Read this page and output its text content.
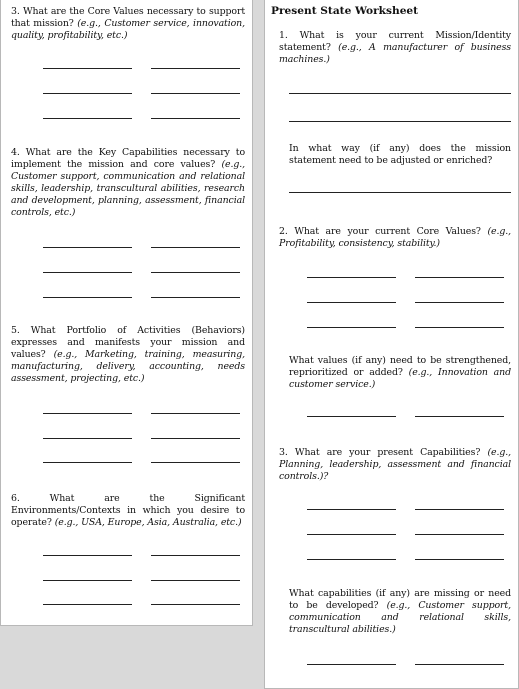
3. What are the Core Values necessary to support that mission? (e.g., Customer service, innovation, quality, profitability, etc.)
4. What are the Key Capabilities necessary to implement the mission and core values? (e.g., Customer support, communication and relational skills, leadership, transcultural abilities, research and development, planning, assessment, financial controls, etc.)
5. What Portfolio of Activities (Behaviors) expresses and manifests your mission and values? (e.g., Marketing, training, measuring, manufacturing, delivery, accounting, needs assessment, projecting, etc.)
6. What are the Significant Environments/Contexts in which you desire to operate? (e.g., USA, Europe, Asia, Australia, etc.)
Present State Worksheet
1. What is your current Mission/Identity statement? (e.g., A manufacturer of business machines.)
In what way (if any) does the mission statement need to be adjusted or enriched?
2. What are your current Core Values? (e.g., Profitability, consistency, stability.)
What values (if any) need to be strengthened, reprioritized or added? (e.g., Innovation and customer service.)
3. What are your present Capabilities? (e.g., Planning, leadership, assessment and financial controls.)?
What capabilities (if any) are missing or need to be developed? (e.g., Customer support, communication and relational skills, transcultural abilities.)
